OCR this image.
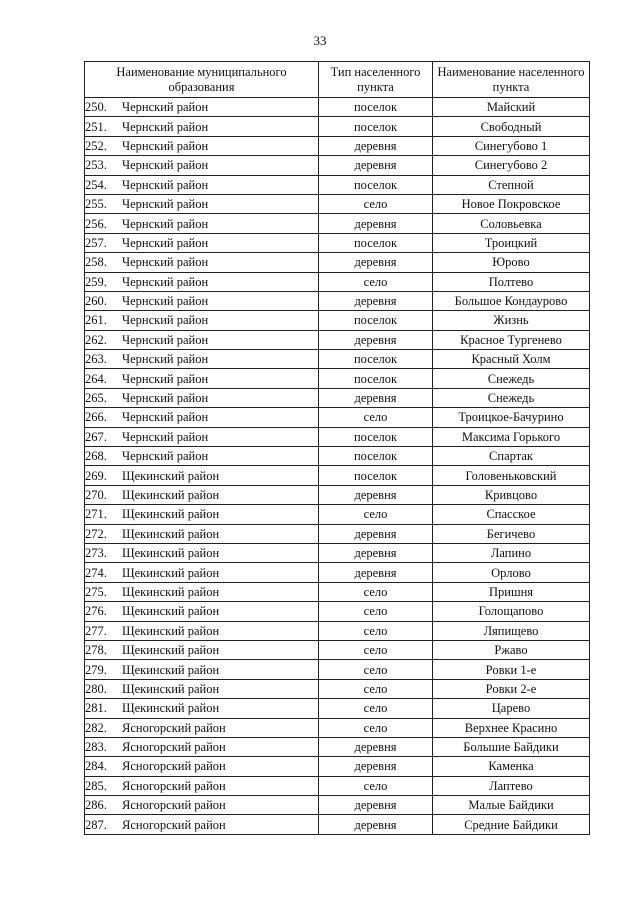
33
Наименование муниципального образования	Тип населенного пункта	Наименование населенного пункта
250. Чернский район	поселок	Майский
251. Чернский район	поселок	Свободный
252. Чернский район	деревня	Синегубово 1
253. Чернский район	деревня	Синегубово 2
254. Чернский район	поселок	Степной
255. Чернский район	село	Новое Покровское
256. Чернский район	деревня	Соловьевка
257. Чернский район	поселок	Троицкий
258. Чернский район	деревня	Юрово
259. Чернский район	село	Полтево
260. Чернский район	деревня	Большое Кондаурово
261. Чернский район	поселок	Жизнь
262. Чернский район	деревня	Красное Тургенево
263. Чернский район	поселок	Красный Холм
264. Чернский район	поселок	Снежедь
265. Чернский район	деревня	Снежедь
266. Чернский район	село	Троицкое-Бачурино
267. Чернский район	поселок	Максима Горького
268. Чернский район	поселок	Спартак
269. Щекинский район	поселок	Головеньковский
270. Щекинский район	деревня	Кривцово
271. Щекинский район	село	Спасское
272. Щекинский район	деревня	Бегичево
273. Щекинский район	деревня	Лапино
274. Щекинский район	деревня	Орлово
275. Щекинский район	село	Пришня
276. Щекинский район	село	Голощапово
277. Щекинский район	село	Ляпищево
278. Щекинский район	село	Ржаво
279. Щекинский район	село	Ровки 1-е
280. Щекинский район	село	Ровки 2-е
281. Щекинский район	село	Царево
282. Ясногорский район	село	Верхнее Красино
283. Ясногорский район	деревня	Большие Байдики
284. Ясногорский район	деревня	Каменка
285. Ясногорский район	село	Лаптево
286. Ясногорский район	деревня	Малые Байдики
287. Ясногорский район	деревня	Средние Байдики
